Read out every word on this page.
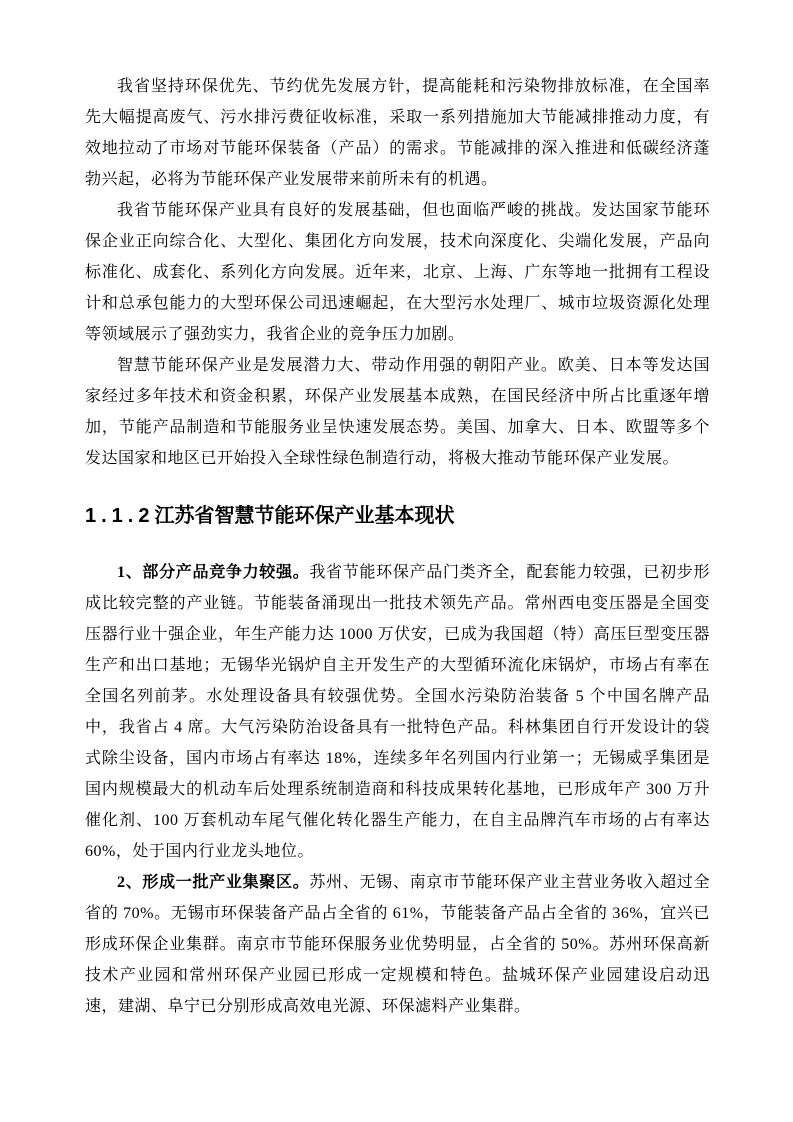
我省坚持环保优先、节约优先发展方针，提高能耗和污染物排放标准，在全国率先大幅提高废气、污水排污费征收标准，采取一系列措施加大节能减排推动力度，有效地拉动了市场对节能环保装备（产品）的需求。节能减排的深入推进和低碳经济蓬勃兴起，必将为节能环保产业发展带来前所未有的机遇。

我省节能环保产业具有良好的发展基础，但也面临严峻的挑战。发达国家节能环保企业正向综合化、大型化、集团化方向发展，技术向深度化、尖端化发展，产品向标准化、成套化、系列化方向发展。近年来，北京、上海、广东等地一批拥有工程设计和总承包能力的大型环保公司迅速崛起，在大型污水处理厂、城市垃圾资源化处理等领域展示了强劲实力，我省企业的竞争压力加剧。

智慧节能环保产业是发展潜力大、带动作用强的朝阳产业。欧美、日本等发达国家经过多年技术和资金积累，环保产业发展基本成熟，在国民经济中所占比重逐年增加，节能产品制造和节能服务业呈快速发展态势。美国、加拿大、日本、欧盟等多个发达国家和地区已开始投入全球性绿色制造行动，将极大推动节能环保产业发展。

1.1.2江苏省智慧节能环保产业基本现状

1、部分产品竞争力较强。我省节能环保产品门类齐全，配套能力较强，已初步形成比较完整的产业链。节能装备涌现出一批技术领先产品。常州西电变压器是全国变压器行业十强企业，年生产能力达 1000 万伏安，已成为我国超（特）高压巨型变压器生产和出口基地；无锡华光锅炉自主开发生产的大型循环流化床锅炉，市场占有率在全国名列前茅。水处理设备具有较强优势。全国水污染防治装备 5 个中国名牌产品中，我省占 4 席。大气污染防治设备具有一批特色产品。科林集团自行开发设计的袋式除尘设备，国内市场占有率达 18%，连续多年名列国内行业第一；无锡威孚集团是国内规模最大的机动车后处理系统制造商和科技成果转化基地，已形成年产 300 万升催化剂、100 万套机动车尾气催化转化器生产能力，在自主品牌汽车市场的占有率达 60%，处于国内行业龙头地位。

2、形成一批产业集聚区。苏州、无锡、南京市节能环保产业主营业务收入超过全省的 70%。无锡市环保装备产品占全省的 61%，节能装备产品占全省的 36%，宜兴已形成环保企业集群。南京市节能环保服务业优势明显，占全省的 50%。苏州环保高新技术产业园和常州环保产业园已形成一定规模和特色。盐城环保产业园建设启动迅速，建湖、阜宁已分别形成高效电光源、环保滤料产业集群。
